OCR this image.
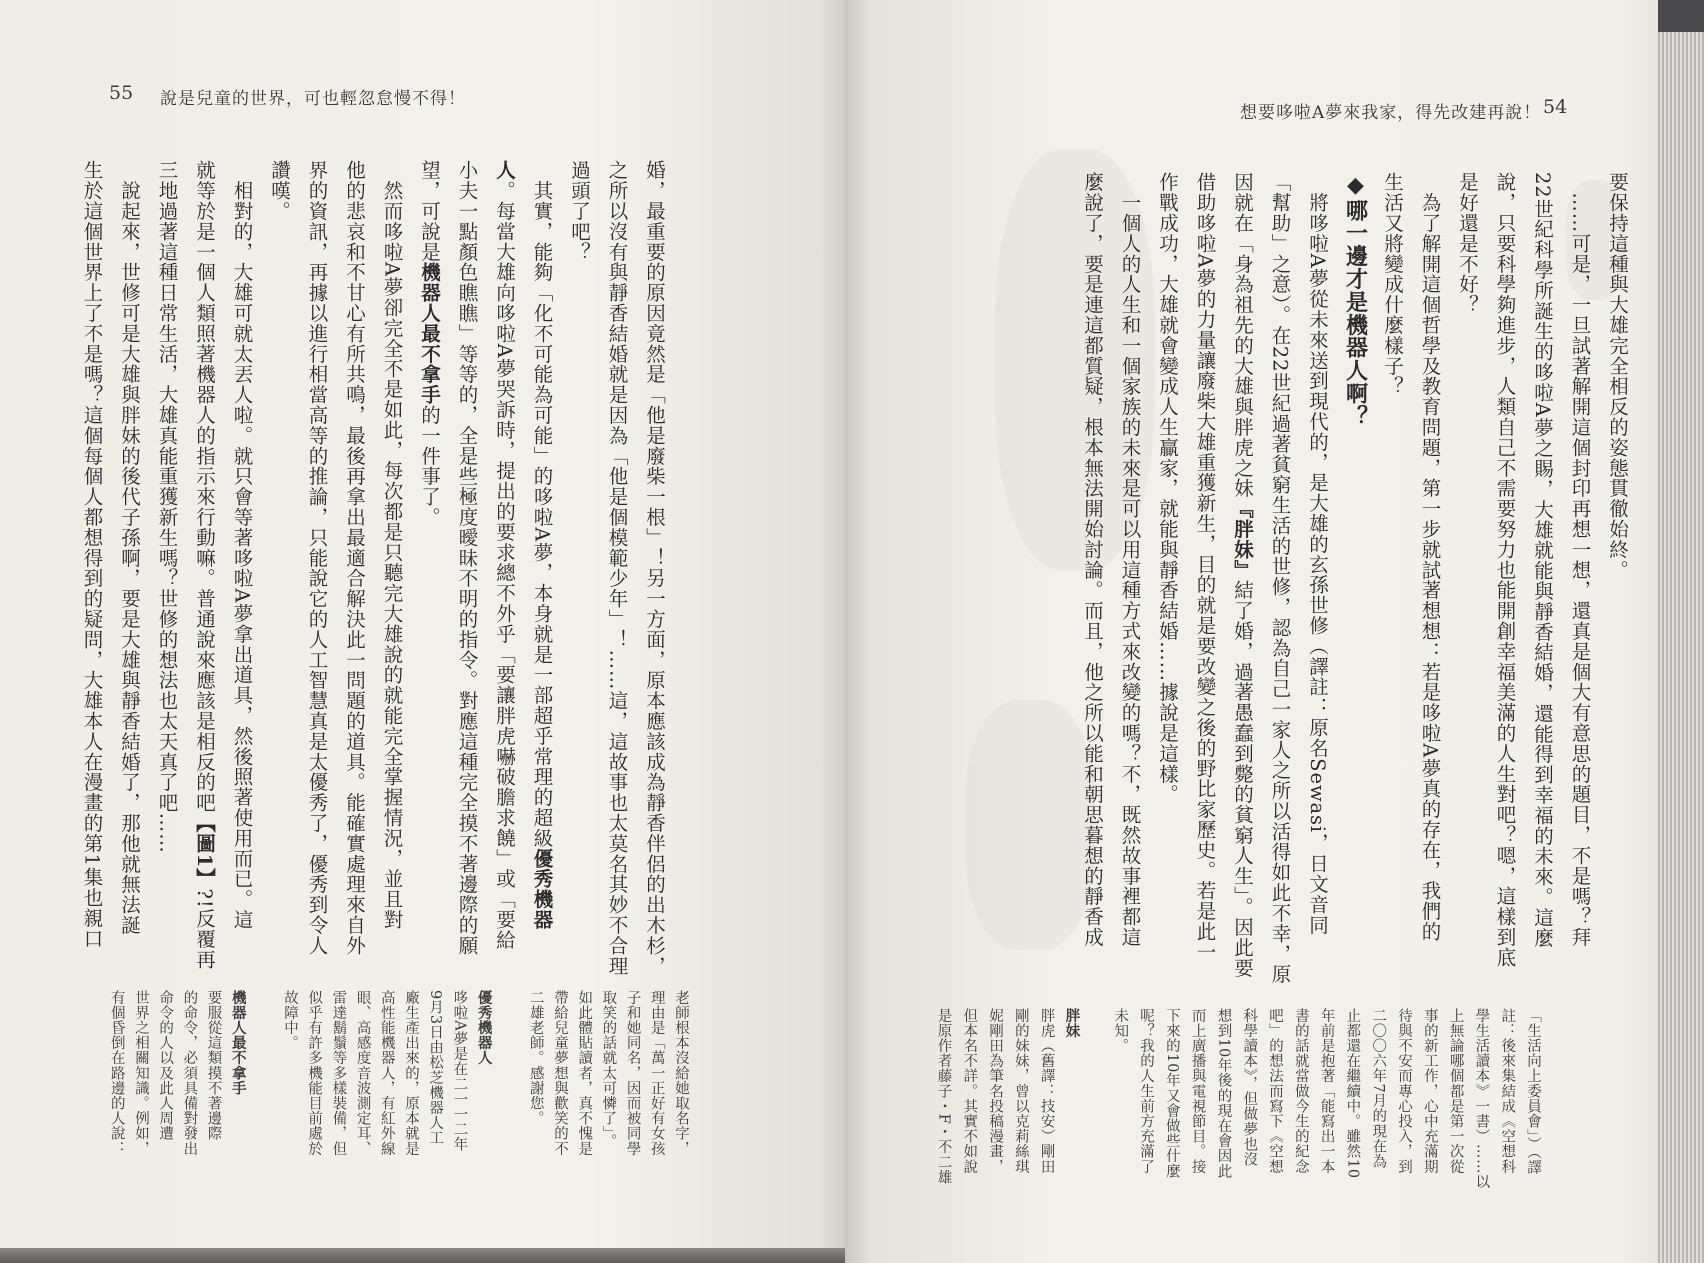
55 說是兒童的世界，可也輕忽怠慢不得！
婚，最重要的原因竟然是「他是廢柴一根」！另一方面，原本應該成為靜香伴侶的出木杉，
之所以沒有與靜香結婚就是因為「他是個模範少年」！……這，這故事也太莫名其妙不合理
過頭了吧？
　其實，能夠「化不可能為可能」的哆啦A夢，本身就是一部超乎常理的超級優秀機器
人。每當大雄向哆啦A夢哭訴時，提出的要求總不外乎「要讓胖虎嚇破膽求饒」或「要給
小夫一點顏色瞧瞧」等等的，全是些極度曖昧不明的指令。對應這種完全摸不著邊際的願
望，可說是機器人最不拿手的一件事了。
　然而哆啦A夢卻完全不是如此，每次都是只聽完大雄說的就能完全掌握情況，並且對
他的悲哀和不甘心有所共鳴，最後再拿出最適合解決此一問題的道具。能確實處理來自外
界的資訊，再據以進行相當高等的推論，只能說它的人工智慧真是太優秀了，優秀到令人
讚嘆。
　相對的，大雄可就太丟人啦。就只會等著哆啦A夢拿出道具，然後照著使用而已。這
就等於是一個人類照著機器人的指示來行動嘛。普通說來應該是相反的吧【圖1】?!反覆再
三地過著這種日常生活，大雄真能重獲新生嗎？世修的想法也太天真了吧……
　說起來，世修可是大雄與胖妹的後代子孫啊，要是大雄與靜香結婚了，那他就無法誕
生於這個世界上了不是嗎？這個每個人都想得到的疑問，大雄本人在漫畫的第1集也親口
老師根本沒給她取名字，
理由是「萬一正好有女孩
子和她同名，因而被同學
取笑的話就太可憐了」。
如此體貼讀者，真不愧是
帶給兒童夢想與歡笑的不
二雄老師。感謝您。
優秀機器人
哆啦A夢是在二一一二年
9月3日由松芝機器人工
廠生產出來的，原本就是
高性能機器人，有紅外線
眼、高感度音波測定耳、
雷達鬍鬚等多樣裝備，但
似乎有許多機能目前處於
故障中。
機器人最不拿手
要服從這類摸不著邊際
的命令，必須具備對發出
命令的人以及此人周遭
世界之相關知識。例如，
有個昏倒在路邊的人說：
想要哆啦A夢來我家，得先改建再說！ 54
要保持這種與大雄完全相反的姿態貫徹始終。
　……可是，一旦試著解開這個封印再想一想，還真是個大有意思的題目，不是嗎？拜
22世紀科學所誕生的哆啦A夢之賜，大雄就能與靜香結婚，還能得到幸福的未來。這麼
說，只要科學夠進步，人類自己不需要努力也能開創幸福美滿的人生對吧？嗯，這樣到底
是好還是不好？
　為了解開這個哲學及教育問題，第一步就試著想想：若是哆啦A夢真的存在，我們的
生活又將變成什麼樣子？
◆哪一邊才是機器人啊？
　將哆啦A夢從未來送到現代的，是大雄的玄孫世修（譯註：原名Sewasi，日文音同
「幫助」之意）。在22世紀過著貧窮生活的世修，認為自己一家人之所以活得如此不幸，原
因就在「身為祖先的大雄與胖虎之妹『胖妹』結了婚，過著愚蠢到斃的貧窮人生」。因此要
借助哆啦A夢的力量讓廢柴大雄重獲新生，目的就是要改變之後的野比家歷史。若是此一
作戰成功，大雄就會變成人生贏家，就能與靜香結婚……據說是這樣。
　一個人的人生和一個家族的未來是可以用這種方式來改變的嗎？不，既然故事裡都這
麼說了，要是連這都質疑，根本無法開始討論。而且，他之所以能和朝思暮想的靜香成
「生活向上委員會」）（譯
註：後來集結成《空想科
學生活讀本》一書）……以
上無論哪個都是第一次從
事的新工作，心中充滿期
待與不安而專心投入，到
二〇〇六年7月的現在為
止都還在繼續中。雖然10
年前是抱著「能寫出一本
書的話就當做今生的紀念
吧」的想法而寫下《空想
科學讀本》，但做夢也沒
想到10年後的現在會因此
而上廣播與電視節目。接
下來的10年又會做些什麼
呢？我的人生前方充滿了
未知。
胖妹
胖虎（舊譯：技安）剛田
剛的妹妹，曾以克莉絲琪
妮剛田為筆名投稿漫畫，
但本名不詳。其實不如說
是原作者藤子・F・不二雄
